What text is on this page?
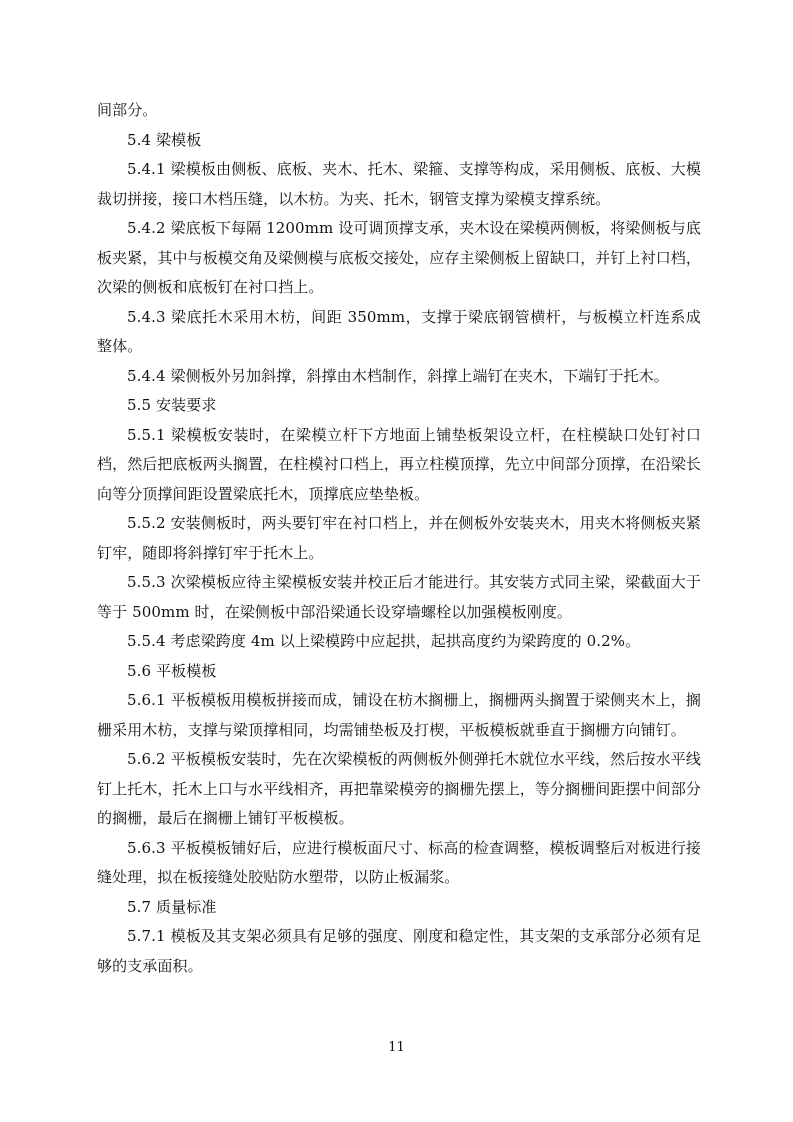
间部分。

5.4 梁模板

5.4.1 梁模板由侧板、底板、夹木、托木、梁箍、支撑等构成，采用侧板、底板、大模裁切拼接，接口木档压缝，以木枋。为夹、托木，钢管支撑为梁模支撑系统。

5.4.2 梁底板下每隔 1200mm 设可调顶撑支承，夹木设在梁模两侧板，将梁侧板与底板夹紧，其中与板模交角及梁侧模与底板交接处，应存主梁侧板上留缺口，并钉上衬口档，次梁的侧板和底板钉在衬口挡上。

5.4.3 梁底托木采用木枋，间距 350mm，支撑于梁底钢管横杆，与板模立杆连系成整体。

5.4.4 梁侧板外另加斜撑，斜撑由木档制作，斜撑上端钉在夹木，下端钉于托木。

5.5 安装要求

5.5.1 梁模板安装时，在梁模立杆下方地面上铺垫板架设立杆，在柱模缺口处钉衬口档，然后把底板两头搁置，在柱模衬口档上，再立柱模顶撑，先立中间部分顶撑，在沿梁长向等分顶撑间距设置梁底托木，顶撑底应垫垫板。

5.5.2 安装侧板时，两头要钉牢在衬口档上，并在侧板外安装夹木，用夹木将侧板夹紧钉牢，随即将斜撑钉牢于托木上。

5.5.3 次梁模板应待主梁模板安装并校正后才能进行。其安装方式同主梁，梁截面大于等于 500mm 时，在梁侧板中部沿梁通长设穿墙螺栓以加强模板刚度。

5.5.4 考虑梁跨度 4m 以上梁模跨中应起拱，起拱高度约为梁跨度的 0.2%。

5.6 平板模板

5.6.1 平板模板用模板拼接而成，铺设在枋木搁栅上，搁栅两头搁置于梁侧夹木上，搁栅采用木枋，支撑与梁顶撑相同，均需铺垫板及打楔，平板模板就垂直于搁栅方向铺钉。

5.6.2 平板模板安装时，先在次梁模板的两侧板外侧弹托木就位水平线，然后按水平线钉上托木，托木上口与水平线相齐，再把靠梁模旁的搁栅先摆上，等分搁栅间距摆中间部分的搁栅，最后在搁栅上铺钉平板模板。

5.6.3 平板模板铺好后，应进行模板面尺寸、标高的检查调整，模板调整后对板进行接缝处理，拟在板接缝处胶贴防水塑带，以防止板漏浆。

5.7 质量标准

5.7.1 模板及其支架必须具有足够的强度、刚度和稳定性，其支架的支承部分必须有足够的支承面积。

11
